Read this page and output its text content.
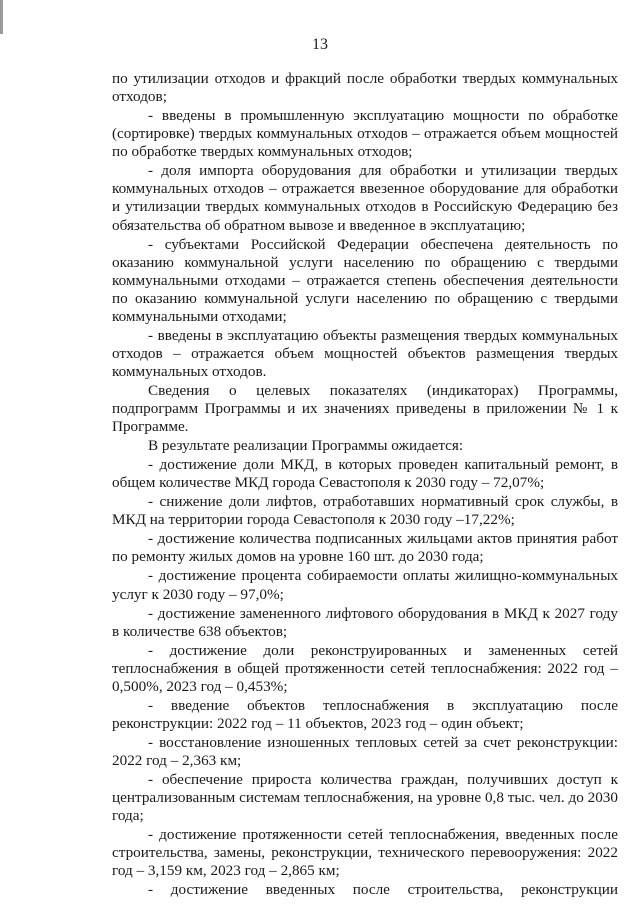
13

по утилизации отходов и фракций после обработки твердых коммунальных отходов;

- введены в промышленную эксплуатацию мощности по обработке (сортировке) твердых коммунальных отходов – отражается объем мощностей по обработке твердых коммунальных отходов;

- доля импорта оборудования для обработки и утилизации твердых коммунальных отходов – отражается ввезенное оборудование для обработки и утилизации твердых коммунальных отходов в Российскую Федерацию без обязательства об обратном вывозе и введенное в эксплуатацию;

- субъектами Российской Федерации обеспечена деятельность по оказанию коммунальной услуги населению по обращению с твердыми коммунальными отходами – отражается степень обеспечения деятельности по оказанию коммунальной услуги населению по обращению с твердыми коммунальными отходами;

- введены в эксплуатацию объекты размещения твердых коммунальных отходов – отражается объем мощностей объектов размещения твердых коммунальных отходов.

Сведения о целевых показателях (индикаторах) Программы, подпрограмм Программы и их значениях приведены в приложении № 1 к Программе.

В результате реализации Программы ожидается:

- достижение доли МКД, в которых проведен капитальный ремонт, в общем количестве МКД города Севастополя к 2030 году – 72,07%;

- снижение доли лифтов, отработавших нормативный срок службы, в МКД на территории города Севастополя к 2030 году –17,22%;

- достижение количества подписанных жильцами актов принятия работ по ремонту жилых домов на уровне 160 шт. до 2030 года;

- достижение процента собираемости оплаты жилищно-коммунальных услуг к 2030 году – 97,0%;

- достижение замененного лифтового оборудования в МКД к 2027 году в количестве 638 объектов;

- достижение доли реконструированных и замененных сетей теплоснабжения в общей протяженности сетей теплоснабжения: 2022 год – 0,500%, 2023 год – 0,453%;

- введение объектов теплоснабжения в эксплуатацию после реконструкции: 2022 год – 11 объектов, 2023 год – один объект;

- восстановление изношенных тепловых сетей за счет реконструкции: 2022 год – 2,363 км;

- обеспечение прироста количества граждан, получивших доступ к централизованным системам теплоснабжения, на уровне 0,8 тыс. чел. до 2030 года;

- достижение протяженности сетей теплоснабжения, введенных после строительства, замены, реконструкции, технического перевооружения: 2022 год – 3,159 км, 2023 год – 2,865 км;

- достижение введенных после строительства, реконструкции
